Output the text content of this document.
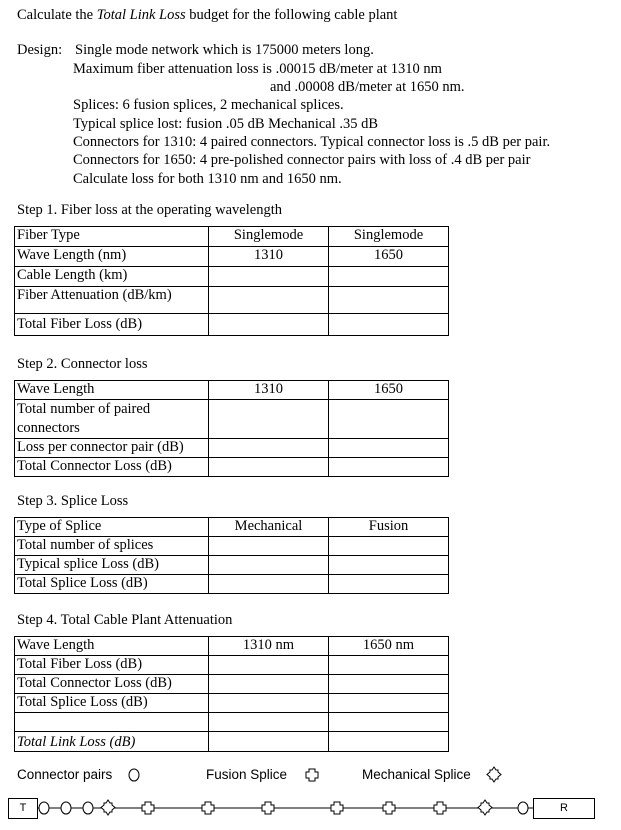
Calculate the Total Link Loss budget for the following cable plant
Design: Single mode network which is 175000 meters long.
Maximum fiber attenuation loss is .00015 dB/meter at 1310 nm
and .00008 dB/meter at 1650 nm.
Splices: 6 fusion splices, 2 mechanical splices.
Typical splice lost: fusion .05 dB Mechanical .35 dB
Connectors for 1310: 4 paired connectors. Typical connector loss is .5 dB per pair.
Connectors for 1650: 4 pre-polished connector pairs with loss of .4 dB per pair
Calculate loss for both 1310 nm and 1650 nm.
Step 1. Fiber loss at the operating wavelength
Fiber Type	Singlemode	Singlemode
Wave Length (nm)	1310	1650
Cable Length (km)		
Fiber Attenuation (dB/km)		
Total Fiber Loss (dB)		
Step 2. Connector loss
Wave Length	1310	1650
Total number of paired connectors		
Loss per connector pair (dB)		
Total Connector Loss (dB)		
Step 3. Splice Loss
Type of Splice	Mechanical	Fusion
Total number of splices		
Typical splice Loss (dB)		
Total Splice Loss (dB)		
Step 4. Total Cable Plant Attenuation
Wave Length	1310 nm	1650 nm
Total Fiber Loss (dB)		
Total Connector Loss (dB)		
Total Splice Loss (dB)		

Total Link Loss (dB)		
Connector pairs	Fusion Splice	Mechanical Splice
T	R
